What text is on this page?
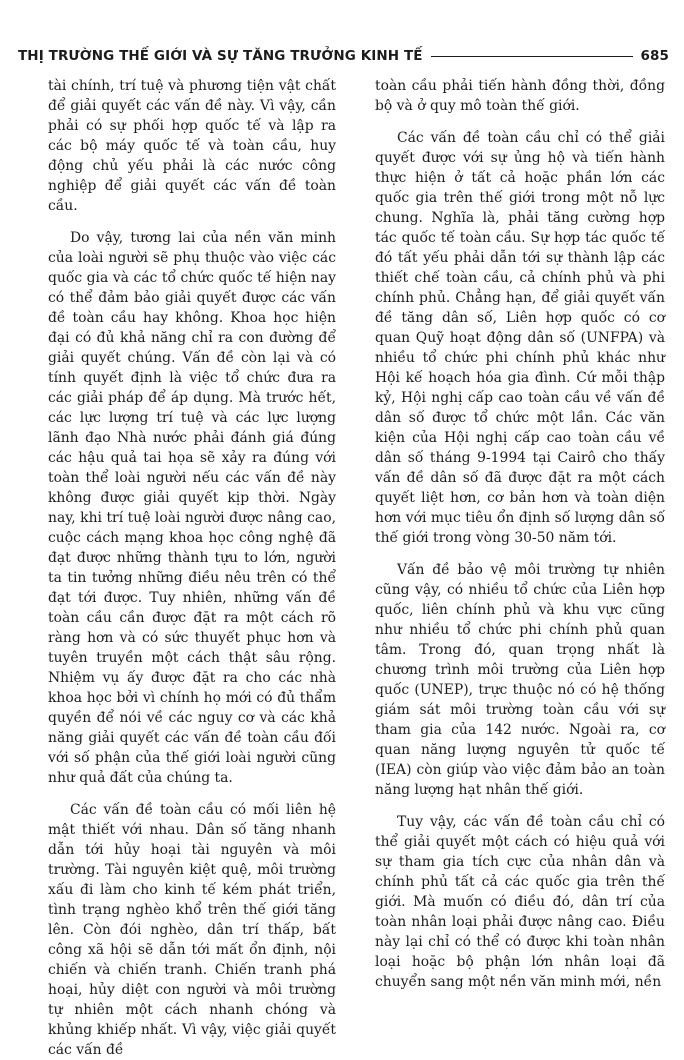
THỊ TRƯỜNG THẾ GIỚI VÀ SỰ TĂNG TRƯỞNG KINH TẾ	685

tài chính, trí tuệ và phương tiện vật chất để giải quyết các vấn đề này. Vì vậy, cần phải có sự phối hợp quốc tế và lập ra các bộ máy quốc tế và toàn cầu, huy động chủ yếu phải là các nước công nghiệp để giải quyết các vấn đề toàn cầu.

Do vậy, tương lai của nền văn minh của loài người sẽ phụ thuộc vào việc các quốc gia và các tổ chức quốc tế hiện nay có thể đảm bảo giải quyết được các vấn đề toàn cầu hay không. Khoa học hiện đại có đủ khả năng chỉ ra con đường để giải quyết chúng. Vấn đề còn lại và có tính quyết định là việc tổ chức đưa ra các giải pháp để áp dụng. Mà trước hết, các lực lượng trí tuệ và các lực lượng lãnh đạo Nhà nước phải đánh giá đúng các hậu quả tai họa sẽ xảy ra đúng với toàn thể loài người nếu các vấn đề này không được giải quyết kịp thời. Ngày nay, khi trí tuệ loài người được nâng cao, cuộc cách mạng khoa học công nghệ đã đạt được những thành tựu to lớn, người ta tin tưởng những điều nêu trên có thể đạt tới được. Tuy nhiên, những vấn đề toàn cầu cần được đặt ra một cách rõ ràng hơn và có sức thuyết phục hơn và tuyên truyền một cách thật sâu rộng. Nhiệm vụ ấy được đặt ra cho các nhà khoa học bởi vì chính họ mới có đủ thẩm quyền để nói về các nguy cơ và các khả năng giải quyết các vấn đề toàn cầu đối với số phận của thế giới loài người cũng như quả đất của chúng ta.

Các vấn đề toàn cầu có mối liên hệ mật thiết với nhau. Dân số tăng nhanh dẫn tới hủy hoại tài nguyên và môi trường. Tài nguyên kiệt quệ, môi trường xấu đi làm cho kinh tế kém phát triển, tình trạng nghèo khổ trên thế giới tăng lên. Còn đói nghèo, dân trí thấp, bất công xã hội sẽ dẫn tới mất ổn định, nội chiến và chiến tranh. Chiến tranh phá hoại, hủy diệt con người và môi trường tự nhiên một cách nhanh chóng và khủng khiếp nhất. Vì vậy, việc giải quyết các vấn đề

toàn cầu phải tiến hành đồng thời, đồng bộ và ở quy mô toàn thế giới.

Các vấn đề toàn cầu chỉ có thể giải quyết được với sự ủng hộ và tiến hành thực hiện ở tất cả hoặc phần lớn các quốc gia trên thế giới trong một nỗ lực chung. Nghĩa là, phải tăng cường hợp tác quốc tế toàn cầu. Sự hợp tác quốc tế đó tất yếu phải dẫn tới sự thành lập các thiết chế toàn cầu, cả chính phủ và phi chính phủ. Chẳng hạn, để giải quyết vấn đề tăng dân số, Liên hợp quốc có cơ quan Quỹ hoạt động dân số (UNFPA) và nhiều tổ chức phi chính phủ khác như Hội kế hoạch hóa gia đình. Cứ mỗi thập kỷ, Hội nghị cấp cao toàn cầu về vấn đề dân số được tổ chức một lần. Các văn kiện của Hội nghị cấp cao toàn cầu về dân số tháng 9-1994 tại Cairô cho thấy vấn đề dân số đã được đặt ra một cách quyết liệt hơn, cơ bản hơn và toàn diện hơn với mục tiêu ổn định số lượng dân số thế giới trong vòng 30-50 năm tới.

Vấn đề bảo vệ môi trường tự nhiên cũng vậy, có nhiều tổ chức của Liên hợp quốc, liên chính phủ và khu vực cũng như nhiều tổ chức phi chính phủ quan tâm. Trong đó, quan trọng nhất là chương trình môi trường của Liên hợp quốc (UNEP), trực thuộc nó có hệ thống giám sát môi trường toàn cầu với sự tham gia của 142 nước. Ngoài ra, cơ quan năng lượng nguyên tử quốc tế (IEA) còn giúp vào việc đảm bảo an toàn năng lượng hạt nhân thế giới.

Tuy vậy, các vấn đề toàn cầu chỉ có thể giải quyết một cách có hiệu quả với sự tham gia tích cực của nhân dân và chính phủ tất cả các quốc gia trên thế giới. Mà muốn có điều đó, dân trí của toàn nhân loại phải được nâng cao. Điều này lại chỉ có thể có được khi toàn nhân loại hoặc bộ phận lớn nhân loại đã chuyển sang một nền văn minh mới, nền
